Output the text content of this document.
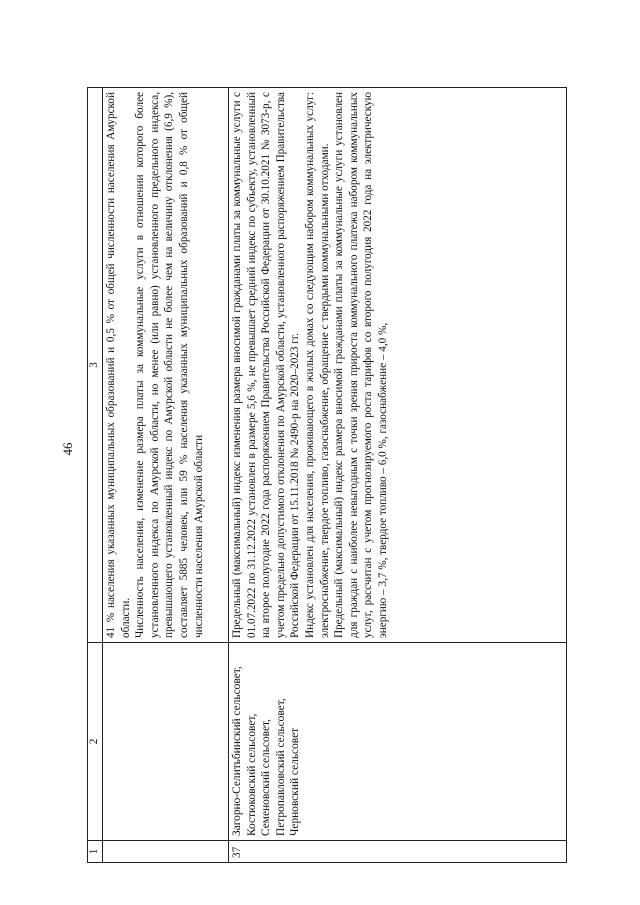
46
1	2	3

		41 % населения указанных муниципальных образований и 0,5 % от общей численности населения Амурской области. Численность населения, изменение размера платы за коммунальные услуги в отношении которого более установленного индекса по Амурской области, но менее (или равно) установленного предельного индекса, превышающего установленный индекс по Амурской области не более чем на величину отклонения (6,9 %), составляет 5885 человек, или 59 % населения указанных муниципальных образований и 0,8 % от общей численности населения Амурской области

37	Загорно-Селитьбинский сельсовет, Костюковский сельсовет, Семеновский сельсовет, Петропавловский сельсовет, Черновский сельсовет	Предельный (максимальный) индекс изменения размера вносимой гражданами платы за коммунальные услуги с 01.07.2022 по 31.12.2022 установлен в размере 5,6 %, не превышает средний индекс по субъекту, установленный на второе полугодие 2022 года распоряжением Правительства Российской Федерации от 30.10.2021 № 3073-р, с учетом предельно допустимого отклонения по Амурской области, установленного распоряжением Правительства Российской Федерации от 15.11.2018 № 2490-р на 2020–2023 гг. Индекс установлен для населения, проживающего в жилых домах со следующим набором коммунальных услуг: электроснабжение, твердое топливо, газоснабжение, обращение с твердыми коммунальными отходами. Предельный (максимальный) индекс размера вносимой гражданами платы за коммунальные услуги установлен для граждан с наиболее невыгодным с точки зрения прироста коммунального платежа набором коммунальных услуг, рассчитан с учетом прогнозируемого роста тарифов со второго полугодия 2022 года на электрическую энергию – 3,7 %, твердое топливо – 6,0 %, газоснабжение – 4,0 %,
